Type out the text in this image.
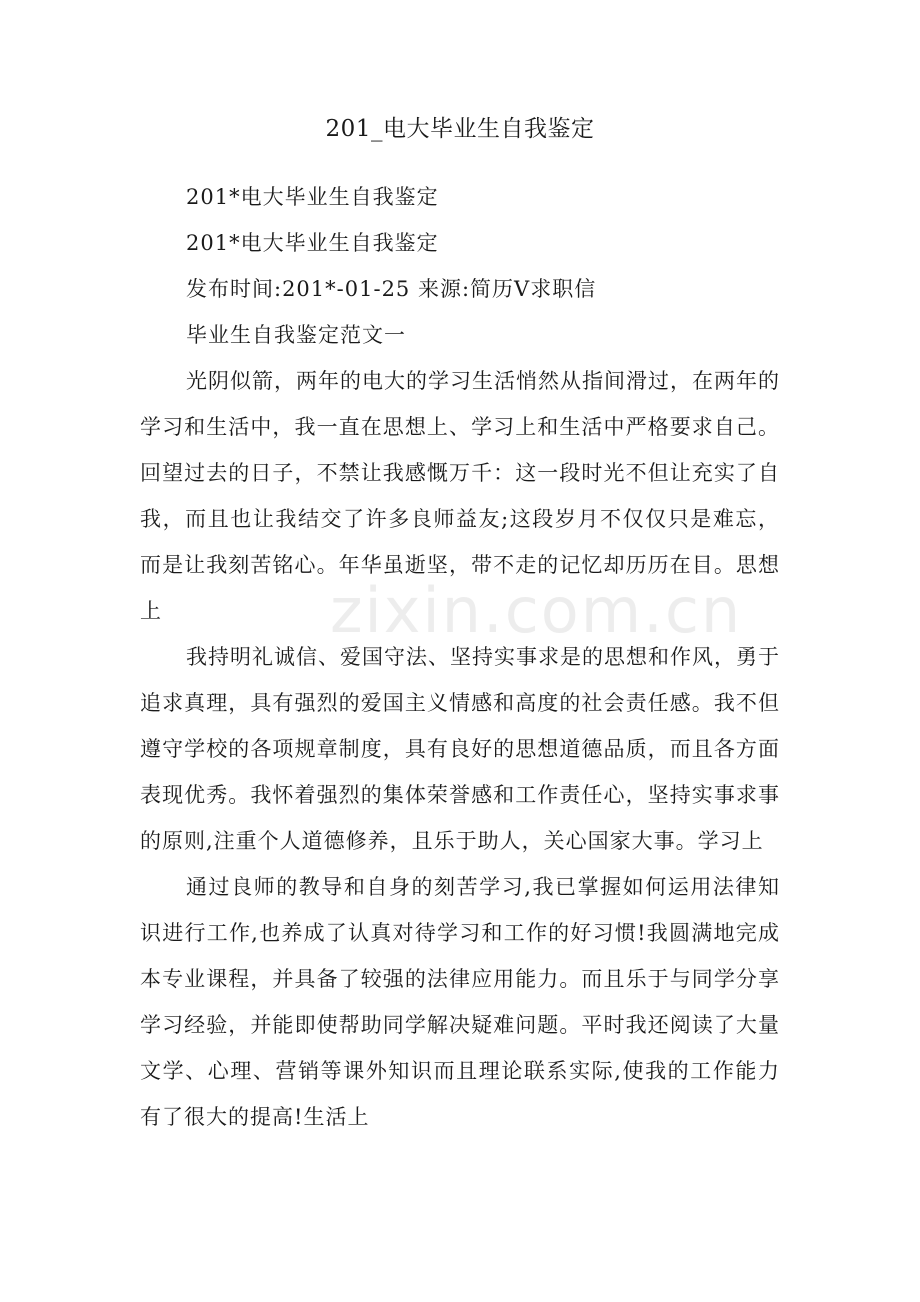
201_电大毕业生自我鉴定

201*电大毕业生自我鉴定

201*电大毕业生自我鉴定

发布时间:201*-01-25 来源:简历Ⅴ求职信

毕业生自我鉴定范文一

光阴似箭，两年的电大的学习生活悄然从指间滑过，在两年的学习和生活中，我一直在思想上、学习上和生活中严格要求自己。回望过去的日子，不禁让我感慨万千：这一段时光不但让充实了自我，而且也让我结交了许多良师益友;这段岁月不仅仅只是难忘，而是让我刻苦铭心。年华虽逝坚，带不走的记忆却历历在目。思想上

我持明礼诚信、爱国守法、坚持实事求是的思想和作风，勇于追求真理，具有强烈的爱国主义情感和高度的社会责任感。我不但遵守学校的各项规章制度，具有良好的思想道德品质，而且各方面表现优秀。我怀着强烈的集体荣誉感和工作责任心，坚持实事求事的原则,注重个人道德修养，且乐于助人，关心国家大事。学习上

通过良师的教导和自身的刻苦学习,我已掌握如何运用法律知识进行工作,也养成了认真对待学习和工作的好习惯!我圆满地完成本专业课程，并具备了较强的法律应用能力。而且乐于与同学分享学习经验，并能即使帮助同学解决疑难问题。平时我还阅读了大量文学、心理、营销等课外知识而且理论联系实际,使我的工作能力有了很大的提高!生活上

zixin.com.cn
